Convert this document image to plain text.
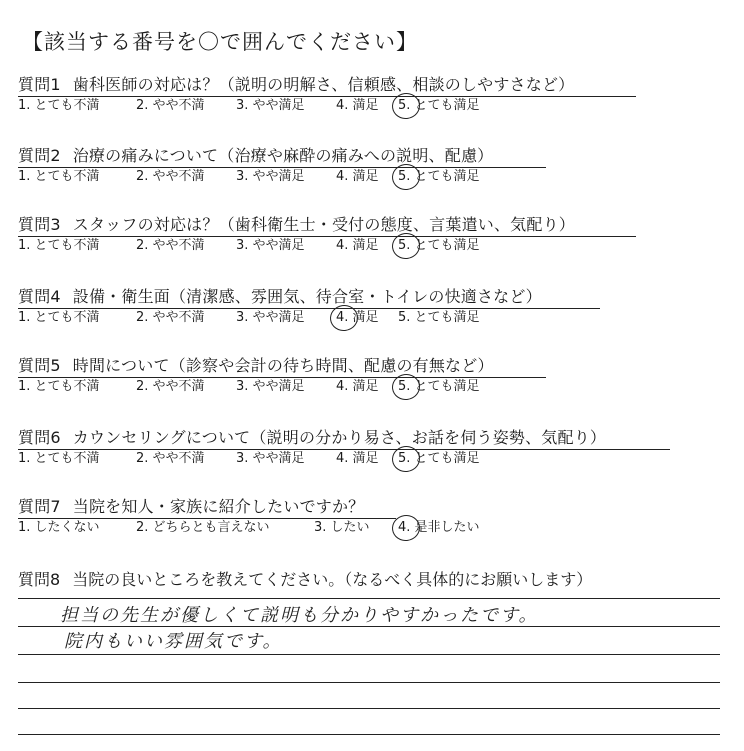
【該当する番号を〇で囲んでください】
質問1 歯科医師の対応は？（説明の明解さ、信頼感、相談のしやすさなど）
1. とても不満	2. やや不満 3. やや満足 4. 満足 5. とても満足
質問2 治療の痛みについて（治療や麻酔の痛みへの説明、配慮）
1. とても不満	2. やや不満 3. やや満足 4. 満足 5. とても満足
質問3 スタッフの対応は？（歯科衛生士・受付の態度、言葉遣い、気配り）
1. とても不満	2. やや不満 3. やや満足 4. 満足 5. とても満足
質問4 設備・衛生面（清潔感、雰囲気、待合室・トイレの快適さなど）
1. とても不満	2. やや不満 3. やや満足 4. 満足 5. とても満足
質問5 時間について（診察や会計の待ち時間、配慮の有無など）
1. とても不満	2. やや不満 3. やや満足 4. 満足 5. とても満足
質問6 カウンセリングについて（説明の分かり易さ、お話を伺う姿勢、気配り）
1. とても不満	2. やや不満 3. やや満足 4. 満足 5. とても満足
質問7 当院を知人・家族に紹介したいですか？
1. したくない	2. どちらとも言えない	3. したい 4. 是非したい
質問8 当院の良いところを教えてください。（なるべく具体的にお願いします）
担当の先生が優しくて説明も分かりやすかったです。
院内もいい雰囲気です。
